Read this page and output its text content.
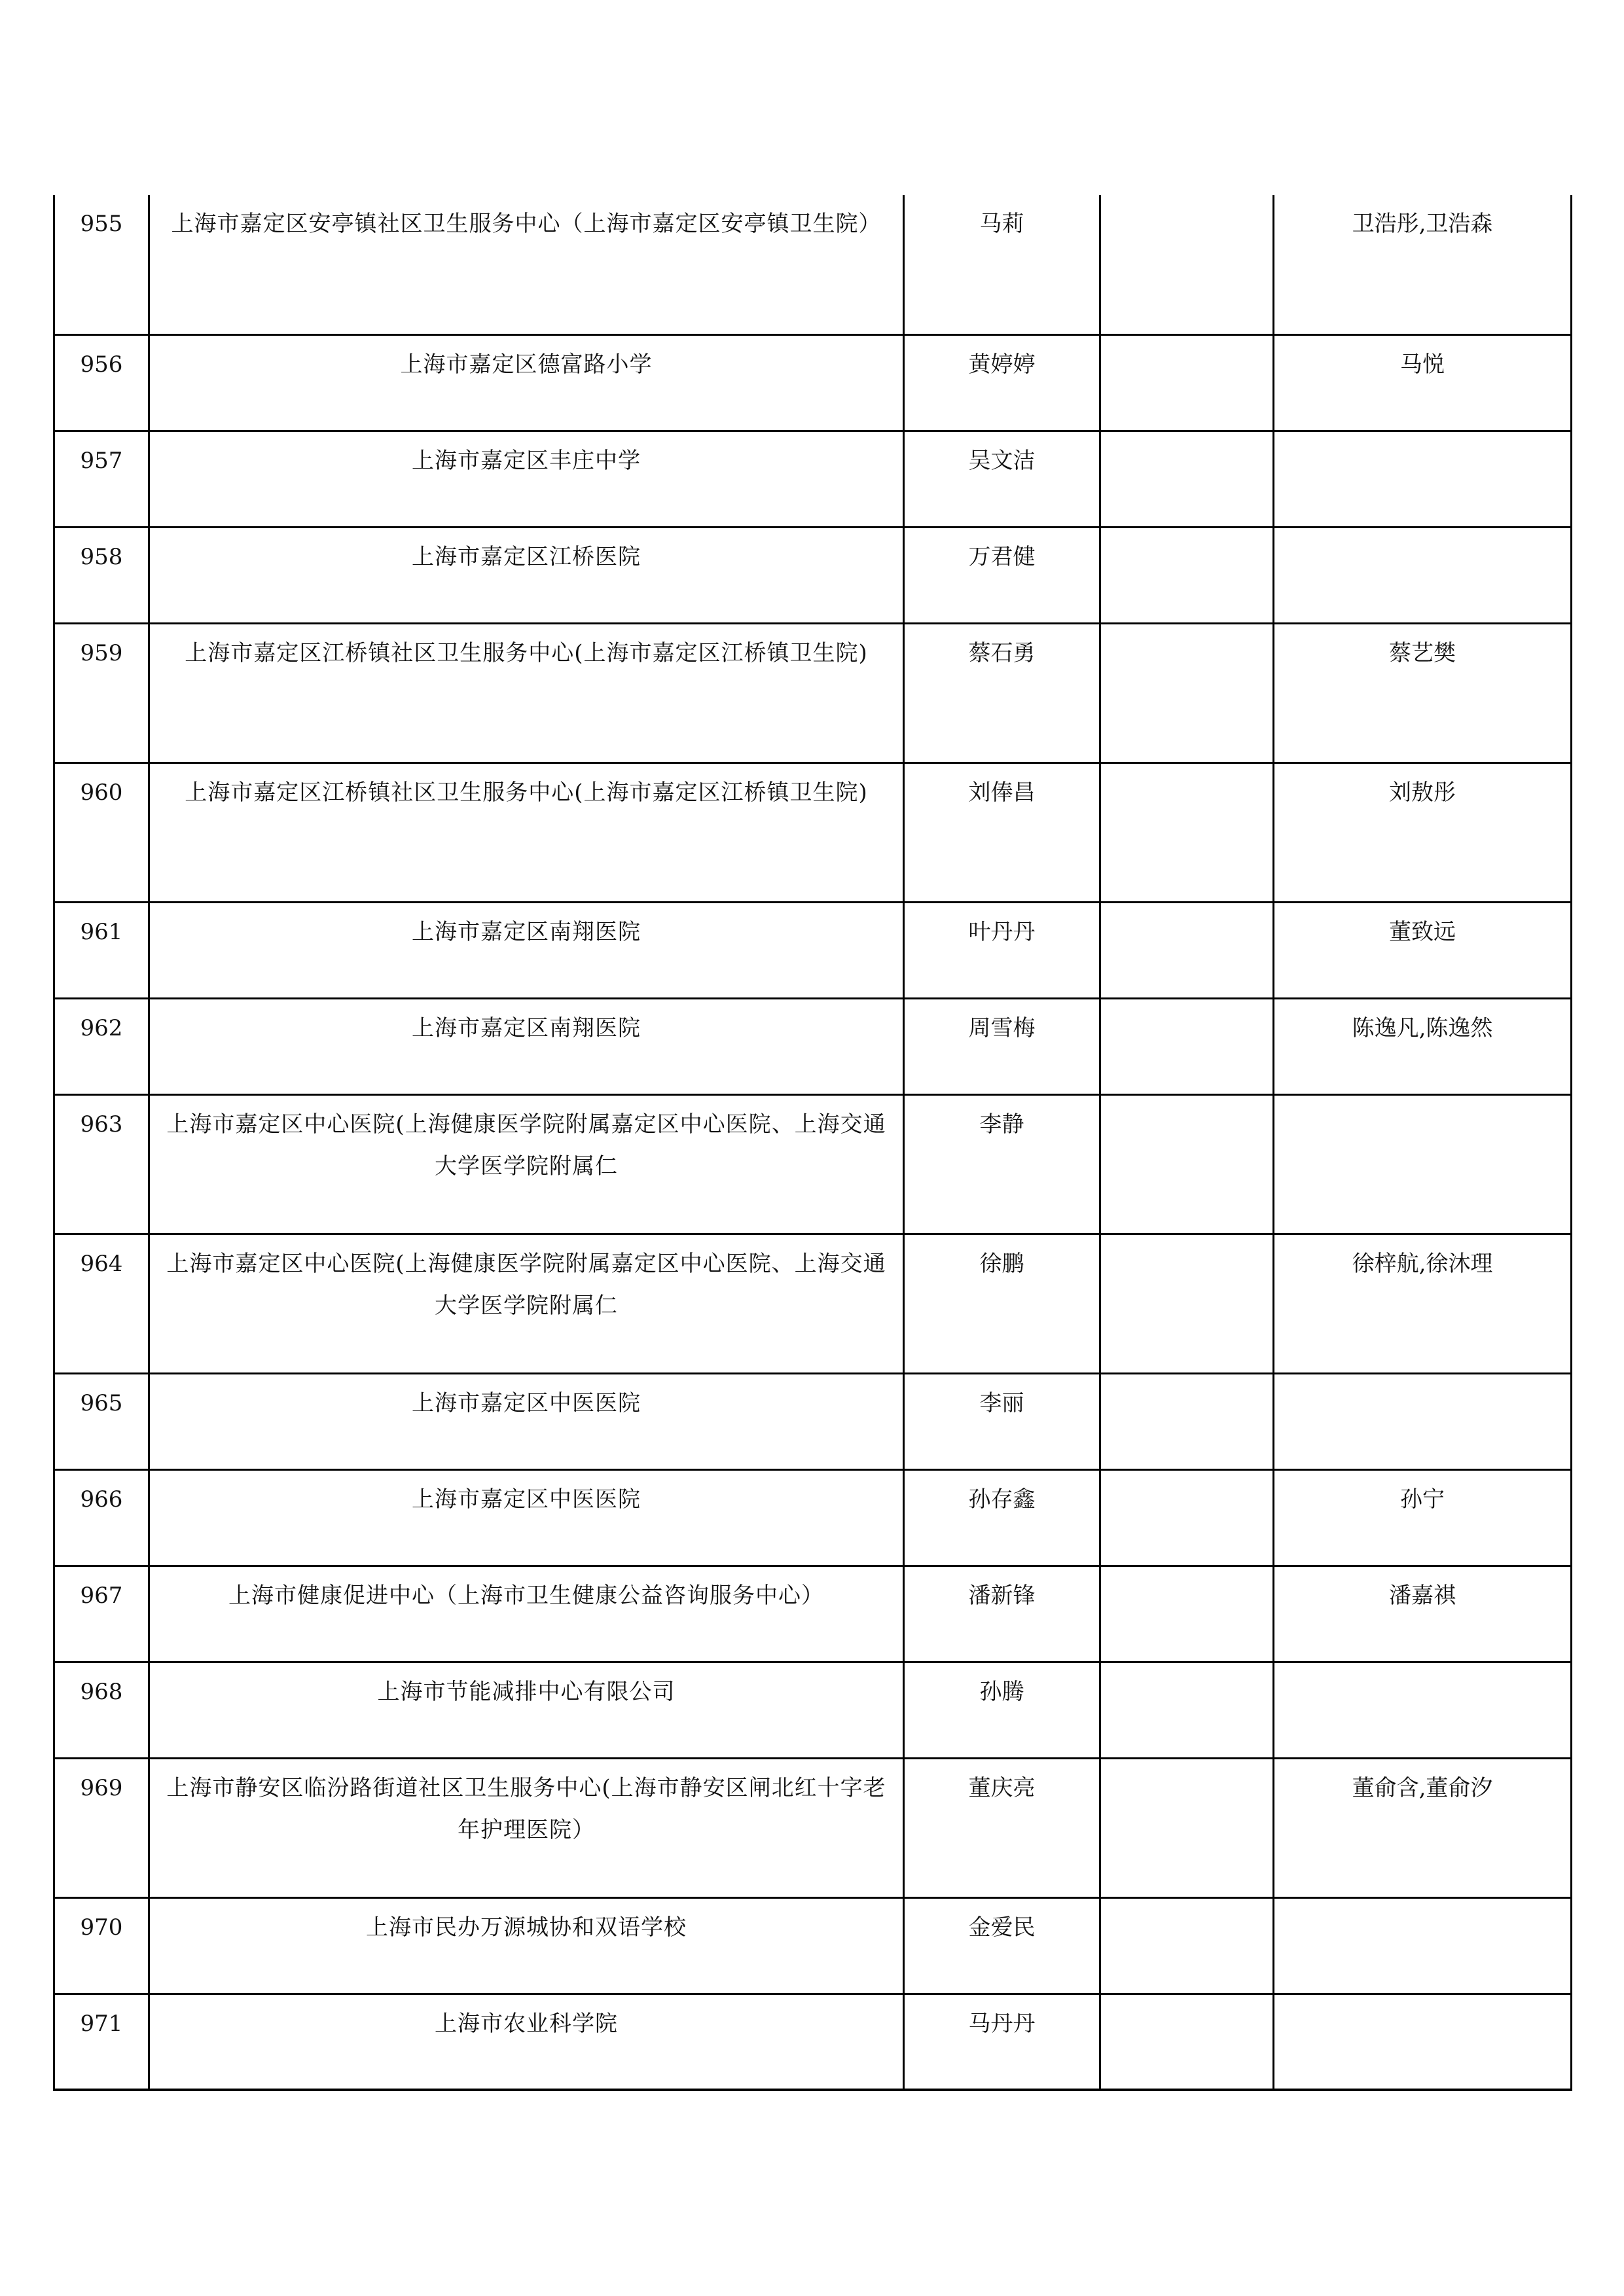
955	上海市嘉定区安亭镇社区卫生服务中心（上海市嘉定区安亭镇卫生院）	马莉		卫浩彤,卫浩森
956	上海市嘉定区德富路小学	黄婷婷		马悦
957	上海市嘉定区丰庄中学	吴文洁		
958	上海市嘉定区江桥医院	万君健		
959	上海市嘉定区江桥镇社区卫生服务中心(上海市嘉定区江桥镇卫生院)	蔡石勇		蔡艺樊
960	上海市嘉定区江桥镇社区卫生服务中心(上海市嘉定区江桥镇卫生院)	刘俸昌		刘敖彤
961	上海市嘉定区南翔医院	叶丹丹		董致远
962	上海市嘉定区南翔医院	周雪梅		陈逸凡,陈逸然
963	上海市嘉定区中心医院(上海健康医学院附属嘉定区中心医院、上海交通大学医学院附属仁	李静		
964	上海市嘉定区中心医院(上海健康医学院附属嘉定区中心医院、上海交通大学医学院附属仁	徐鹏		徐梓航,徐沐理
965	上海市嘉定区中医医院	李丽		
966	上海市嘉定区中医医院	孙存鑫		孙宁
967	上海市健康促进中心（上海市卫生健康公益咨询服务中心）	潘新锋		潘嘉祺
968	上海市节能减排中心有限公司	孙腾		
969	上海市静安区临汾路街道社区卫生服务中心(上海市静安区闸北红十字老年护理医院）	董庆亮		董俞含,董俞汐
970	上海市民办万源城协和双语学校	金爱民		
971	上海市农业科学院	马丹丹		
